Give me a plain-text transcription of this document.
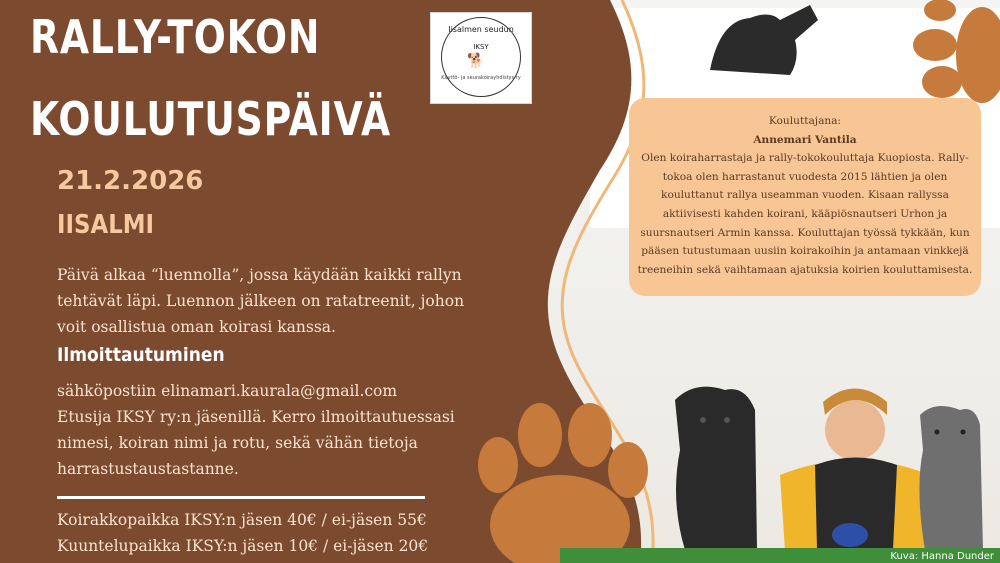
RALLY-TOKON
KOULUTUSPÄIVÄ
21.2.2026
IISALMI
Päivä alkaa “luennolla”, jossa käydään kaikki rallyn tehtävät läpi. Luennon jälkeen on ratatreenit, johon voit osallistua oman koirasi kanssa.
Ilmoittautuminen
sähköpostiin elinamari.kaurala@gmail.com
Etusija IKSY ry:n jäsenillä. Kerro ilmoittautuessasi nimesi, koiran nimi ja rotu, sekä vähän tietoja harrastustaustastanne.
Koirakkopaikka IKSY:n jäsen 40€ / ei-jäsen 55€
Kuuntelupaikka IKSY:n jäsen 10€ / ei-jäsen 20€
Iisalmen seudun
IKSY
🐕
Käyttö- ja seurakoirayhdistys ry
Kouluttajana:
Annemari Vantila
Olen koiraharrastaja ja rally-tokokouluttaja Kuopiosta. Rally-tokoa olen harrastanut vuodesta 2015 lähtien ja olen kouluttanut rallya useamman vuoden. Kisaan rallyssa aktiivisesti kahden koirani, kääpiösnautseri Urhon ja suursnautseri Armin kanssa. Kouluttajan työssä tykkään, kun pääsen tutustumaan uusiin koirakoihin ja antamaan vinkkejä treeneihin sekä vaihtamaan ajatuksia koirien kouluttamisesta.
Kuva: Hanna Dunder
